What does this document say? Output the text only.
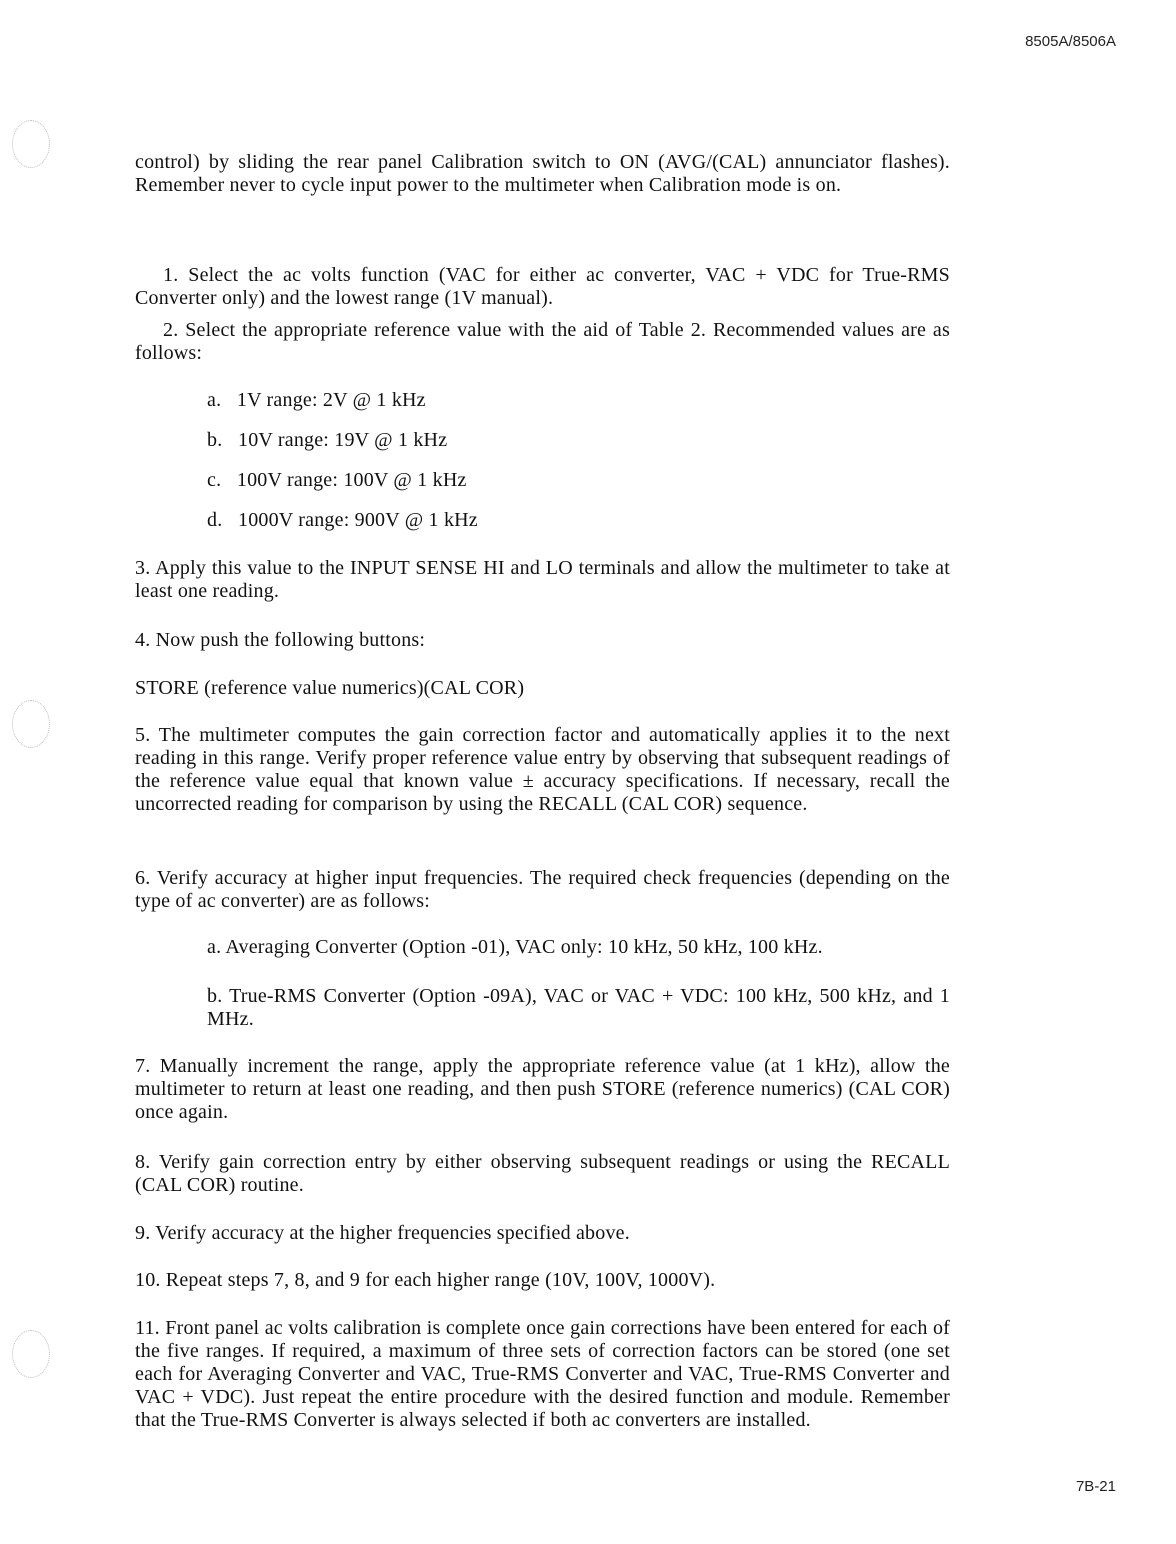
8505A/8506A
control) by sliding the rear panel Calibration switch to ON (AVG/(CAL) annunciator flashes). Remember never to cycle input power to the multimeter when Calibration mode is on.
1. Select the ac volts function (VAC for either ac converter, VAC + VDC for True-RMS Converter only) and the lowest range (1V manual).
2. Select the appropriate reference value with the aid of Table 2. Recommended values are as follows:
a.   1V range: 2V @ 1 kHz
b.   10V range: 19V @ 1 kHz
c.   100V range: 100V @ 1 kHz
d.   1000V range: 900V @ 1 kHz
3. Apply this value to the INPUT SENSE HI and LO terminals and allow the multimeter to take at least one reading.
4. Now push the following buttons:
STORE (reference value numerics)(CAL COR)
5. The multimeter computes the gain correction factor and automatically applies it to the next reading in this range. Verify proper reference value entry by observing that subsequent readings of the reference value equal that known value ± accuracy specifications. If necessary, recall the uncorrected reading for comparison by using the RECALL (CAL COR) sequence.
6. Verify accuracy at higher input frequencies. The required check frequencies (depending on the type of ac converter) are as follows:
a. Averaging Converter (Option -01), VAC only: 10 kHz, 50 kHz, 100 kHz.
b. True-RMS Converter (Option -09A), VAC or VAC + VDC: 100 kHz, 500 kHz, and 1 MHz.
7. Manually increment the range, apply the appropriate reference value (at 1 kHz), allow the multimeter to return at least one reading, and then push STORE (reference numerics) (CAL COR) once again.
8. Verify gain correction entry by either observing subsequent readings or using the RECALL (CAL COR) routine.
9. Verify accuracy at the higher frequencies specified above.
10. Repeat steps 7, 8, and 9 for each higher range (10V, 100V, 1000V).
11. Front panel ac volts calibration is complete once gain corrections have been entered for each of the five ranges. If required, a maximum of three sets of correction factors can be stored (one set each for Averaging Converter and VAC, True-RMS Converter and VAC, True-RMS Converter and VAC + VDC). Just repeat the entire procedure with the desired function and module. Remember that the True-RMS Converter is always selected if both ac converters are installed.
7B-21
